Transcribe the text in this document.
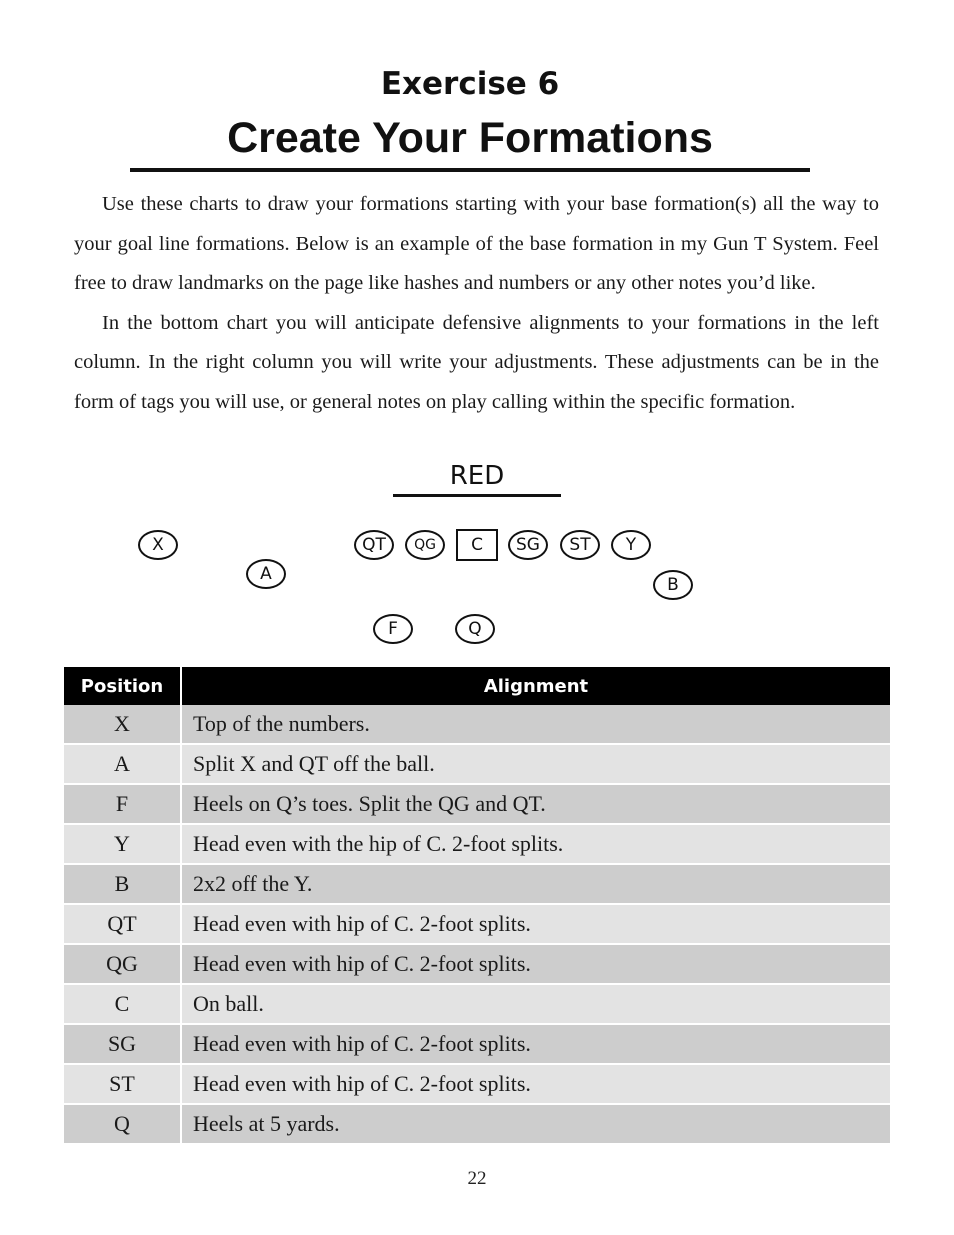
Exercise 6
Create Your Formations

Use these charts to draw your formations starting with your base formation(s) all the way to your goal line formations. Below is an example of the base formation in my Gun T System. Feel free to draw landmarks on the page like hashes and numbers or any other notes you’d like.

In the bottom chart you will anticipate defensive alignments to your formations in the left column. In the right column you will write your adjustments. These adjustments can be in the form of tags you will use, or general notes on play calling within the specific formation.

RED
X
A
QT	QG	C	SG	ST	Y
B
F	Q
Position	Alignment
X	Top of the numbers.
A	Split X and QT off the ball.
F	Heels on Q’s toes. Split the QG and QT.
Y	Head even with the hip of C. 2-foot splits.
B	2x2 off the Y.
QT	Head even with hip of C. 2-foot splits.
QG	Head even with hip of C. 2-foot splits.
C	On ball.
SG	Head even with hip of C. 2-foot splits.
ST	Head even with hip of C. 2-foot splits.
Q	Heels at 5 yards.
22
